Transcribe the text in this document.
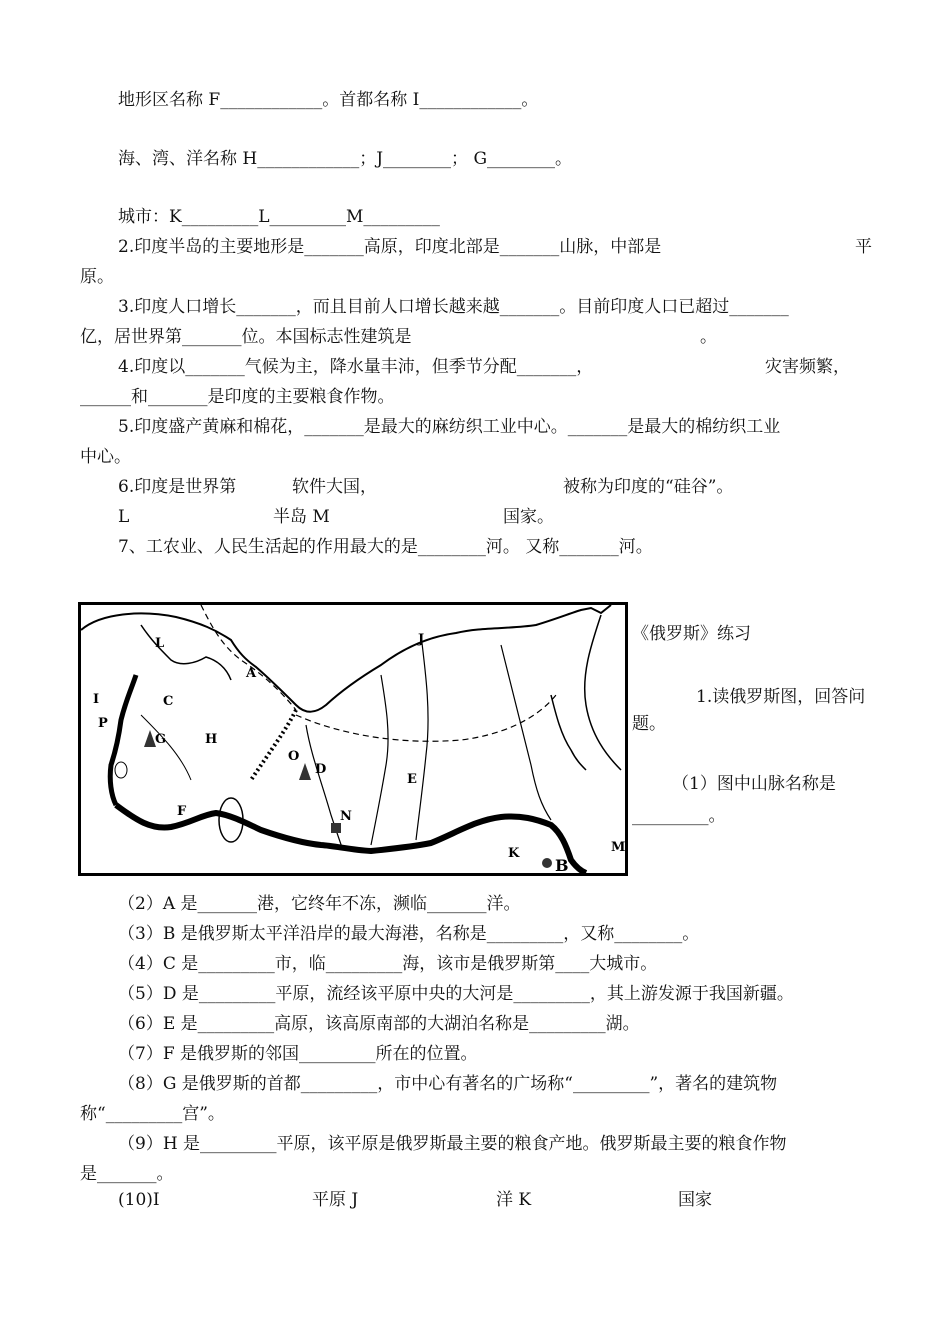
地形区名称 F____________。首都名称 I____________。
海、湾、洋名称 H____________；J________； G________。
城市：K_________L_________M_________
2.印度半岛的主要地形是_______高原，印度北部是_______山脉，中部是	平
原。
3.印度人口增长_______，而且目前人口增长越来越_______。目前印度人口已超过_______
亿，居世界第_______位。本国标志性建筑是	。
4.印度以_______气候为主，降水量丰沛，但季节分配_______，	灾害频繁，
______和_______是印度的主要粮食作物。
5.印度盛产黄麻和棉花，_______是最大的麻纺织工业中心。_______是最大的棉纺织工业
中心。
6.印度是世界第	软件大国，	被称为印度的“硅谷”。
L	半岛 M	国家。
7、工农业、人民生活起的作用最大的是________河。 又称_______河。
L	J
A
C
I
P
G	H
O
D
E
F	N
K
B
M
《俄罗斯》练习
1.读俄罗斯图，回答问
题。
（1）图中山脉名称是
_________。
（2）A 是_______港，它终年不冻，濒临_______洋。
（3）B 是俄罗斯太平洋沿岸的最大海港，名称是_________，又称________。
（4）C 是_________市，临_________海，该市是俄罗斯第____大城市。
（5）D 是_________平原，流经该平原中央的大河是_________，其上游发源于我国新疆。
（6）E 是_________高原，该高原南部的大湖泊名称是_________湖。
（7）F 是俄罗斯的邻国_________所在的位置。
（8）G 是俄罗斯的首都_________，市中心有著名的广场称“_________”，著名的建筑物
称“_________宫”。
（9）H 是_________平原，该平原是俄罗斯最主要的粮食产地。俄罗斯最主要的粮食作物
是_______。
(10)I	平原 J	洋 K	国家
